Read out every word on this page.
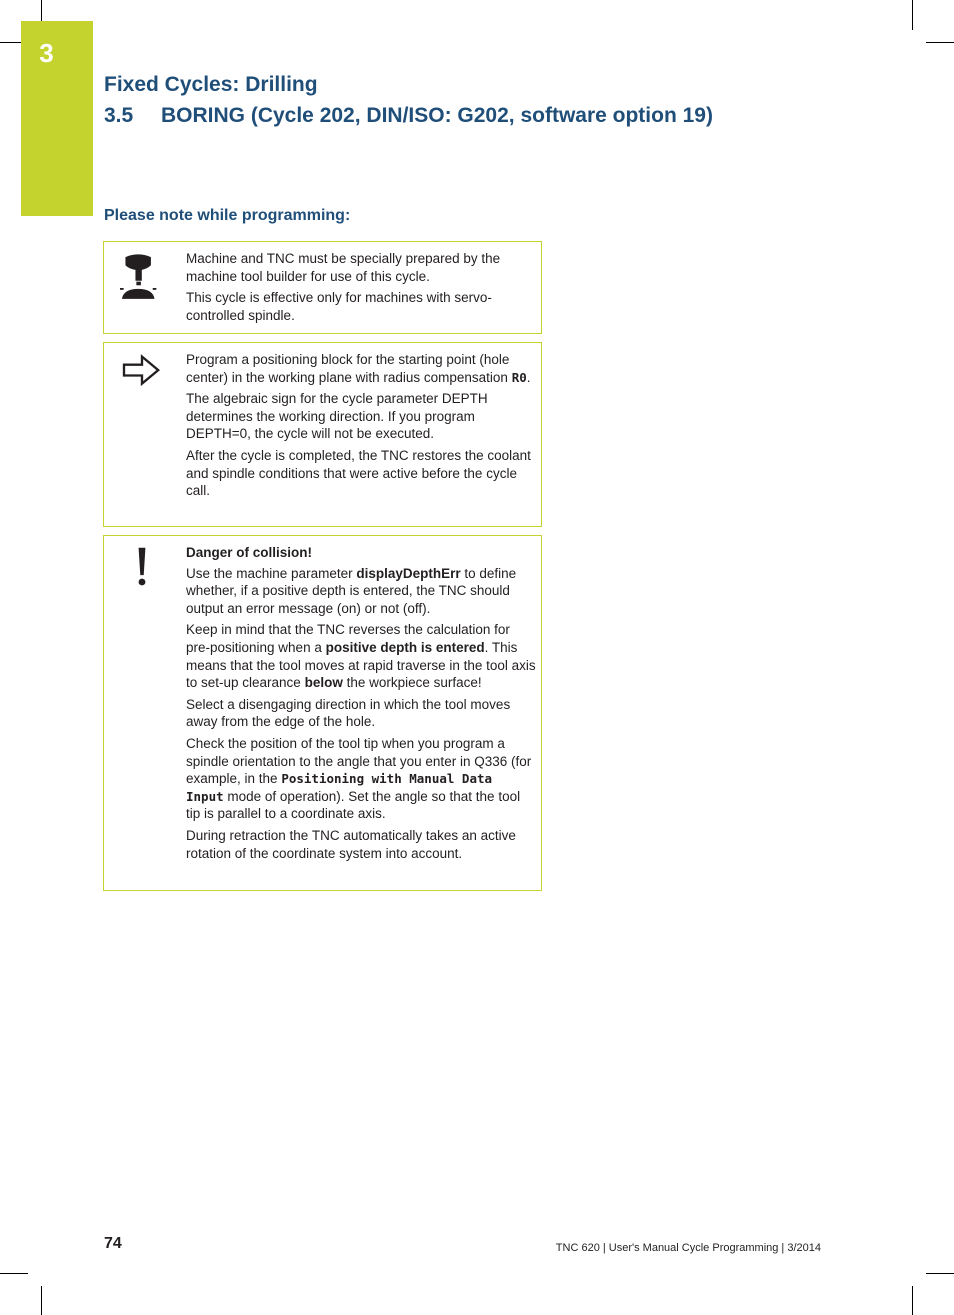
3
Fixed Cycles: Drilling
3.5 BORING (Cycle 202, DIN/ISO: G202, software option 19)
Please note while programming:

Machine and TNC must be specially prepared by the machine tool builder for use of this cycle.

This cycle is effective only for machines with servo-controlled spindle.

Program a positioning block for the starting point (hole center) in the working plane with radius compensation R0.

The algebraic sign for the cycle parameter DEPTH determines the working direction. If you program DEPTH=0, the cycle will not be executed.

After the cycle is completed, the TNC restores the coolant and spindle conditions that were active before the cycle call.

Danger of collision!

Use the machine parameter displayDepthErr to define whether, if a positive depth is entered, the TNC should output an error message (on) or not (off).

Keep in mind that the TNC reverses the calculation for pre-positioning when a positive depth is entered. This means that the tool moves at rapid traverse in the tool axis to set-up clearance below the workpiece surface!

Select a disengaging direction in which the tool moves away from the edge of the hole.

Check the position of the tool tip when you program a spindle orientation to the angle that you enter in Q336 (for example, in the Positioning with Manual Data Input mode of operation). Set the angle so that the tool tip is parallel to a coordinate axis.

During retraction the TNC automatically takes an active rotation of the coordinate system into account.

74	TNC 620 | User's Manual Cycle Programming | 3/2014
